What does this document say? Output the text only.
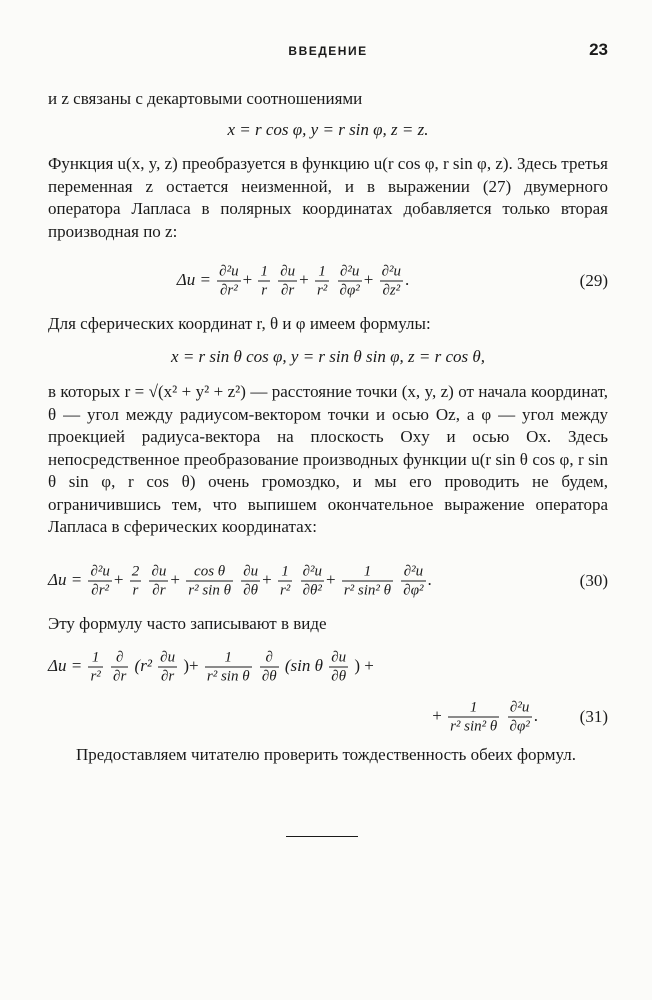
ВВЕДЕНИЕ	23
и z связаны с декартовыми соотношениями
x = r cos φ, y = r sin φ, z = z.
Функция u(x, y, z) преобразуется в функцию u(r cos φ, r sin φ, z). Здесь третья переменная z остается неизменной, и в выражении (27) двумерного оператора Лапласа в полярных координатах добавляется только вторая производная по z:
$\Delta u = \frac{\text{∂²u}}{\text{∂r²}} + \frac{1}{r}$
$\frac{\partial u}{\partial r} + \frac{1}{\text{r²}}$
$\frac{\text{∂²u}}{\text{∂φ²}} + \frac{\text{∂²u}}{\text{∂z²}}$ .	(29)
Для сферических координат r, θ и φ имеем формулы:
x = r sin θ cos φ, y = r sin θ sin φ, z = r cos θ,
в которых r = √(x² + y² + z²) — расстояние точки (x, y, z) от начала координат, θ — угол между радиусом-вектором точки и осью Oz, а φ — угол между проекцией радиуса-вектора на плоскость Oxy и осью Ox. Здесь непосредственное преобразование производных функции u(r sin θ cos φ, r sin θ sin φ, r cos θ) очень громоздко, и мы его проводить не будем, ограничившись тем, что выпишем окончательное выражение оператора Лапласа в сферических координатах:
$\Delta u = \frac{\text{∂²u}}{\text{∂r²}} + \frac{2}{r}$
$\frac{\partial u}{\partial r} + \frac{\text{cos θ}}{\text{r² sin θ}}$
$\frac{\partial u}{\partial\theta} + \frac{1}{\text{r²}}$
$\frac{\text{∂²u}}{\text{∂θ²}} + \frac{1}{\text{r² sin² θ}}$
$\frac{\text{∂²u}}{\text{∂φ²}}$ .	(30)
Эту формулу часто записывают в виде
$\Delta u = \frac{1}{\text{r²}}$
$\frac{\partial}{\partial r} (r^2 \frac{\partial u}{\partial r}$ )+ $\frac{1}{\text{r² sin θ}}$
$\frac{\partial}{\partial\theta} (\sin$ θ $\frac{\partial u}{\partial\theta}$ ) +
+ $\frac{1}{\text{r² sin² θ}}$
$\frac{\text{∂²u}}{\text{∂φ²}}$ . (31)
Предоставляем читателю проверить тождественность обеих формул.
